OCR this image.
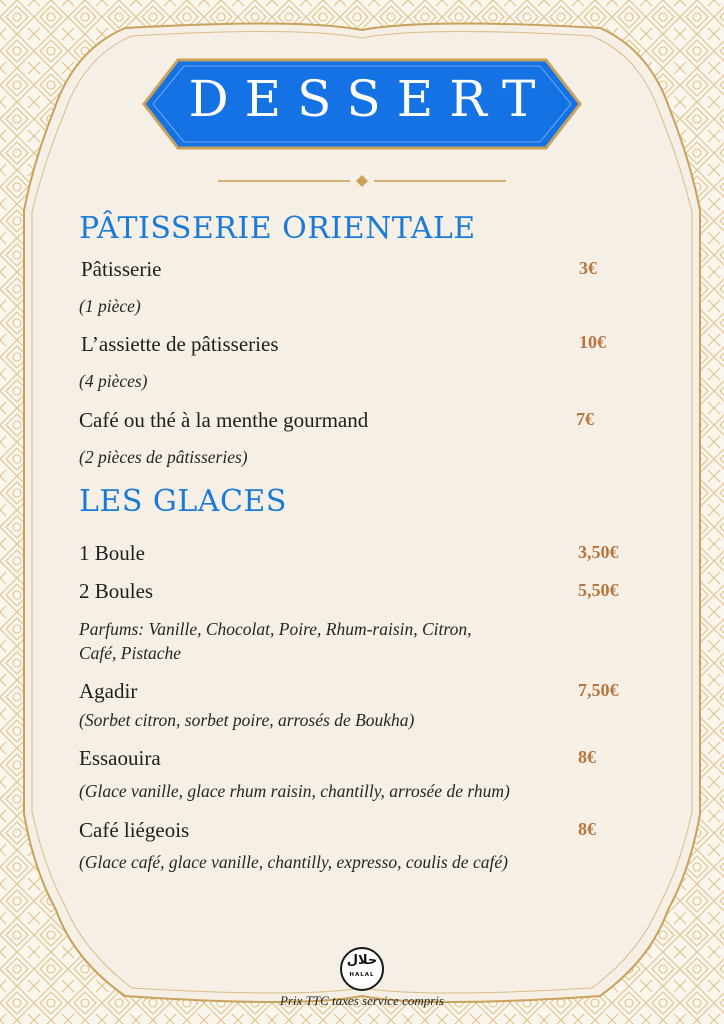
DESSERT
PÂTISSERIE ORIENTALE
Pâtisserie	3€
(1 pièce)
L’assiette de pâtisseries	10€
(4 pièces)
Café ou thé à la menthe gourmand	7€
(2 pièces de pâtisseries)
LES GLACES
1 Boule	3,50€
2 Boules	5,50€
Parfums: Vanille, Chocolat, Poire, Rhum-raisin, Citron,
Café, Pistache
Agadir	7,50€
(Sorbet citron, sorbet poire, arrosés de Boukha)
Essaouira	8€
(Glace vanille, glace rhum raisin, chantilly, arrosée de rhum)
Café liégeois	8€
(Glace café, glace vanille, chantilly, expresso, coulis de café)
حلال
HALAL
Prix TTC taxes service compris
